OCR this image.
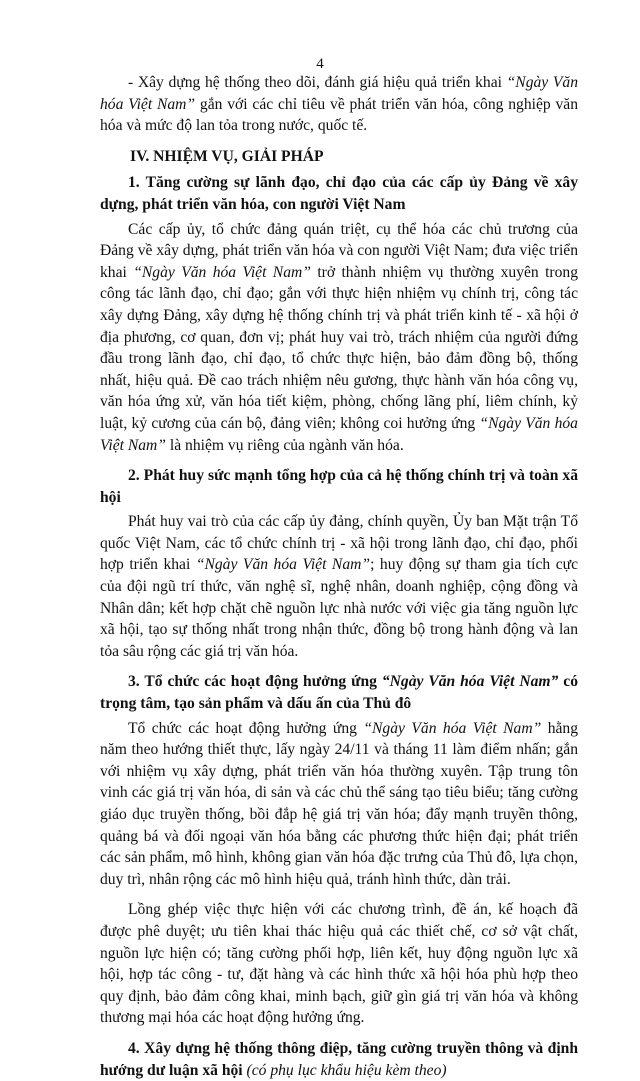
4

- Xây dựng hệ thống theo dõi, đánh giá hiệu quả triển khai “Ngày Văn hóa Việt Nam” gắn với các chỉ tiêu về phát triển văn hóa, công nghiệp văn hóa và mức độ lan tỏa trong nước, quốc tế.

IV. NHIỆM VỤ, GIẢI PHÁP

1. Tăng cường sự lãnh đạo, chỉ đạo của các cấp ủy Đảng về xây dựng, phát triển văn hóa, con người Việt Nam

Các cấp ủy, tổ chức đảng quán triệt, cụ thể hóa các chủ trương của Đảng về xây dựng, phát triển văn hóa và con người Việt Nam; đưa việc triển khai “Ngày Văn hóa Việt Nam” trở thành nhiệm vụ thường xuyên trong công tác lãnh đạo, chỉ đạo; gắn với thực hiện nhiệm vụ chính trị, công tác xây dựng Đảng, xây dựng hệ thống chính trị và phát triển kinh tế - xã hội ở địa phương, cơ quan, đơn vị; phát huy vai trò, trách nhiệm của người đứng đầu trong lãnh đạo, chỉ đạo, tổ chức thực hiện, bảo đảm đồng bộ, thống nhất, hiệu quả. Đề cao trách nhiệm nêu gương, thực hành văn hóa công vụ, văn hóa ứng xử, văn hóa tiết kiệm, phòng, chống lãng phí, liêm chính, kỷ luật, kỷ cương của cán bộ, đảng viên; không coi hưởng ứng “Ngày Văn hóa Việt Nam” là nhiệm vụ riêng của ngành văn hóa.

2. Phát huy sức mạnh tổng hợp của cả hệ thống chính trị và toàn xã hội

Phát huy vai trò của các cấp ủy đảng, chính quyền, Ủy ban Mặt trận Tổ quốc Việt Nam, các tổ chức chính trị - xã hội trong lãnh đạo, chỉ đạo, phối hợp triển khai “Ngày Văn hóa Việt Nam”; huy động sự tham gia tích cực của đội ngũ trí thức, văn nghệ sĩ, nghệ nhân, doanh nghiệp, cộng đồng và Nhân dân; kết hợp chặt chẽ nguồn lực nhà nước với việc gia tăng nguồn lực xã hội, tạo sự thống nhất trong nhận thức, đồng bộ trong hành động và lan tỏa sâu rộng các giá trị văn hóa.

3. Tổ chức các hoạt động hưởng ứng “Ngày Văn hóa Việt Nam” có trọng tâm, tạo sản phẩm và dấu ấn của Thủ đô

Tổ chức các hoạt động hưởng ứng “Ngày Văn hóa Việt Nam” hằng năm theo hướng thiết thực, lấy ngày 24/11 và tháng 11 làm điểm nhấn; gắn với nhiệm vụ xây dựng, phát triển văn hóa thường xuyên. Tập trung tôn vinh các giá trị văn hóa, di sản và các chủ thể sáng tạo tiêu biểu; tăng cường giáo dục truyền thống, bồi đắp hệ giá trị văn hóa; đẩy mạnh truyền thông, quảng bá và đối ngoại văn hóa bằng các phương thức hiện đại; phát triển các sản phẩm, mô hình, không gian văn hóa đặc trưng của Thủ đô, lựa chọn, duy trì, nhân rộng các mô hình hiệu quả, tránh hình thức, dàn trải.

Lồng ghép việc thực hiện với các chương trình, đề án, kế hoạch đã được phê duyệt; ưu tiên khai thác hiệu quả các thiết chế, cơ sở vật chất, nguồn lực hiện có; tăng cường phối hợp, liên kết, huy động nguồn lực xã hội, hợp tác công - tư, đặt hàng và các hình thức xã hội hóa phù hợp theo quy định, bảo đảm công khai, minh bạch, giữ gìn giá trị văn hóa và không thương mại hóa các hoạt động hưởng ứng.

4. Xây dựng hệ thống thông điệp, tăng cường truyền thông và định hướng dư luận xã hội (có phụ lục khẩu hiệu kèm theo)
